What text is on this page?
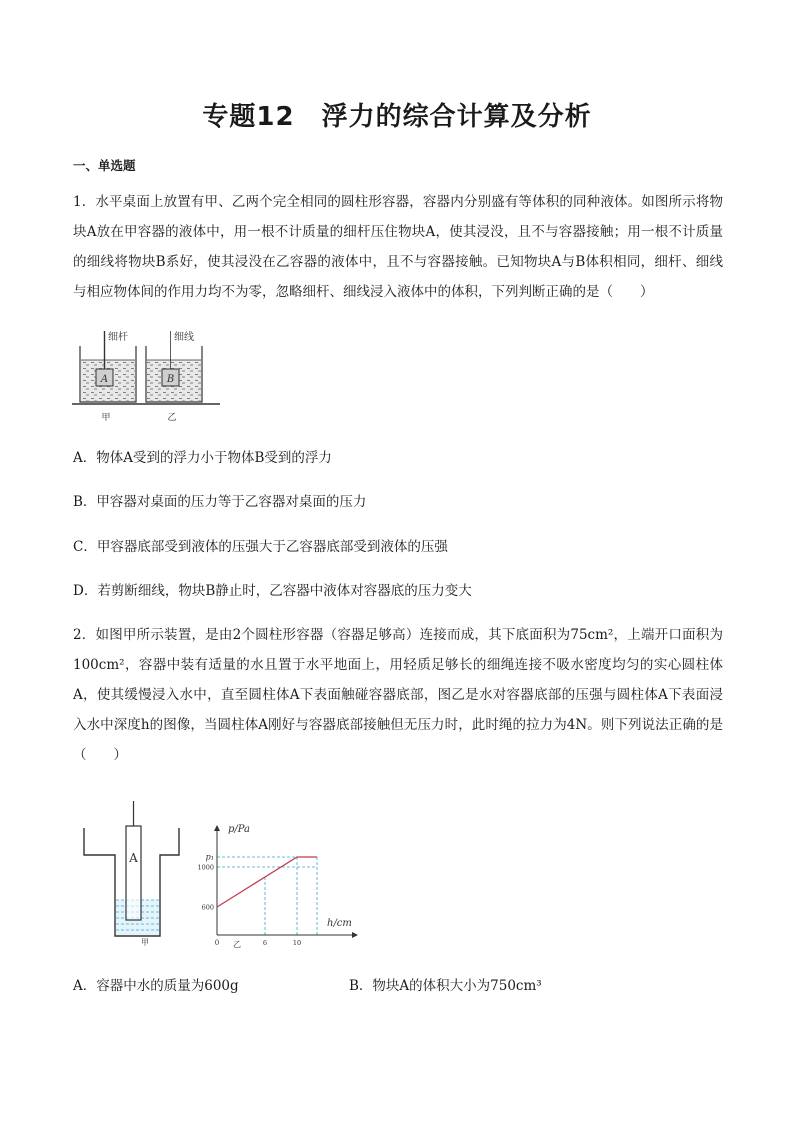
专题12　浮力的综合计算及分析
一、单选题

1．水平桌面上放置有甲、乙两个完全相同的圆柱形容器，容器内分别盛有等体积的同种液体。如图所示将物块A放在甲容器的液体中，用一根不计质量的细杆压住物块A，使其浸没，且不与容器接触；用一根不计质量的细线将物块B系好，使其浸没在乙容器的液体中，且不与容器接触。已知物块A与B体积相同，细杆、细线与相应物体间的作用力均不为零，忽略细杆、细线浸入液体中的体积，下列判断正确的是（　　）

A
细杆
B
细线
甲	乙
A．物体A受到的浮力小于物体B受到的浮力
B．甲容器对桌面的压力等于乙容器对桌面的压力
C．甲容器底部受到液体的压强大于乙容器底部受到液体的压强
D．若剪断细线，物块B静止时，乙容器中液体对容器底的压力变大

2．如图甲所示装置，是由2个圆柱形容器（容器足够高）连接而成，其下底面积为75cm²，上端开口面积为100cm²，容器中装有适量的水且置于水平地面上，用轻质足够长的细绳连接不吸水密度均匀的实心圆柱体A，使其缓慢浸入水中，直至圆柱体A下表面触碰容器底部，图乙是水对容器底部的压强与圆柱体A下表面浸入水中深度h的图像，当圆柱体A刚好与容器底部接触但无压力时，此时绳的拉力为4N。则下列说法正确的是（　　）

A
甲
p/Pa
h/cm
0 乙
600
1000
p₁
6	10
A．容器中水的质量为600g	B．物块A的体积大小为750cm³
